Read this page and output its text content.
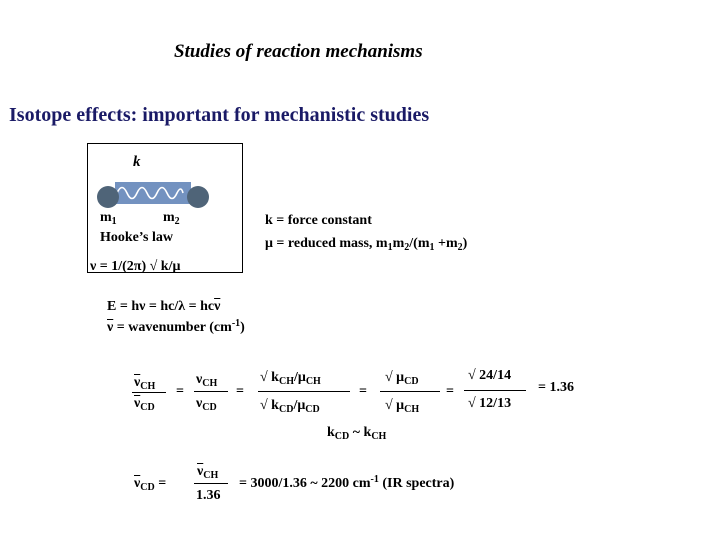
Studies of reaction mechanisms
Isotope effects: important for mechanistic studies
k
$m_1$	$m_2$
Hooke’s law
ν = 1/(2π) √ k/μ
k = force constant
μ = reduced mass, $m_1m_2/(m_1 +m_2)$
$E = h\nu = hc/\lambda = hc\overline{\nu}$
$\overline{\nu}$ = wavenumber $(cm^{-1})$
$\overline{\nu}_{CH}$
$\overline{\nu}_{CD}$
=
$\nu_{CH}$
$\nu_{CD}$
=
√ $k_{CH}/\mu_{CH}$
√ $k_{CD}/\mu_{CD}$
=
√ $\mu_{CD}$
√ $\mu_{CH}$
=
√ 24/14
√ 12/13
= 1.36
$k_{CD}$ ~ $k_{CH}$
$\overline{\nu}_{CD}$ =
$\overline{\nu}_{CH}$
1.36
= 3000/1.36 ~ 2200 $cm^{-1}$ (IR spectra)
